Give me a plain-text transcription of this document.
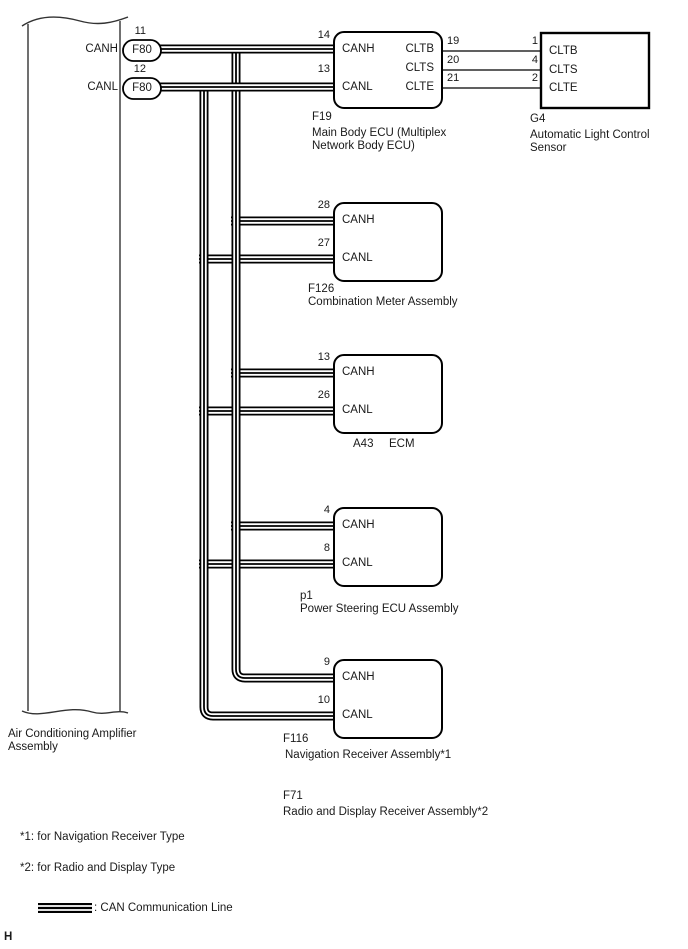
11
CANH	F80
12
CANL	F80
Air Conditioning Amplifier Assembly
14
13
CANH
CANL
CLTB
CLTS
CLTE
19
20
21
F19
Main Body ECU (Multiplex Network Body ECU)
1
4
2
CLTB
CLTS
CLTE
G4
Automatic Light Control Sensor
28
CANH
27
CANL
F126
Combination Meter Assembly
13
CANH
26
CANL
A43 ECM
4
CANH
8
CANL
p1
Power Steering ECU Assembly
9
CANH
10
CANL
F116
Navigation Receiver Assembly*1
F71
Radio and Display Receiver Assembly*2
*1: for Navigation Receiver Type
*2: for Radio and Display Type
: CAN Communication Line
H
